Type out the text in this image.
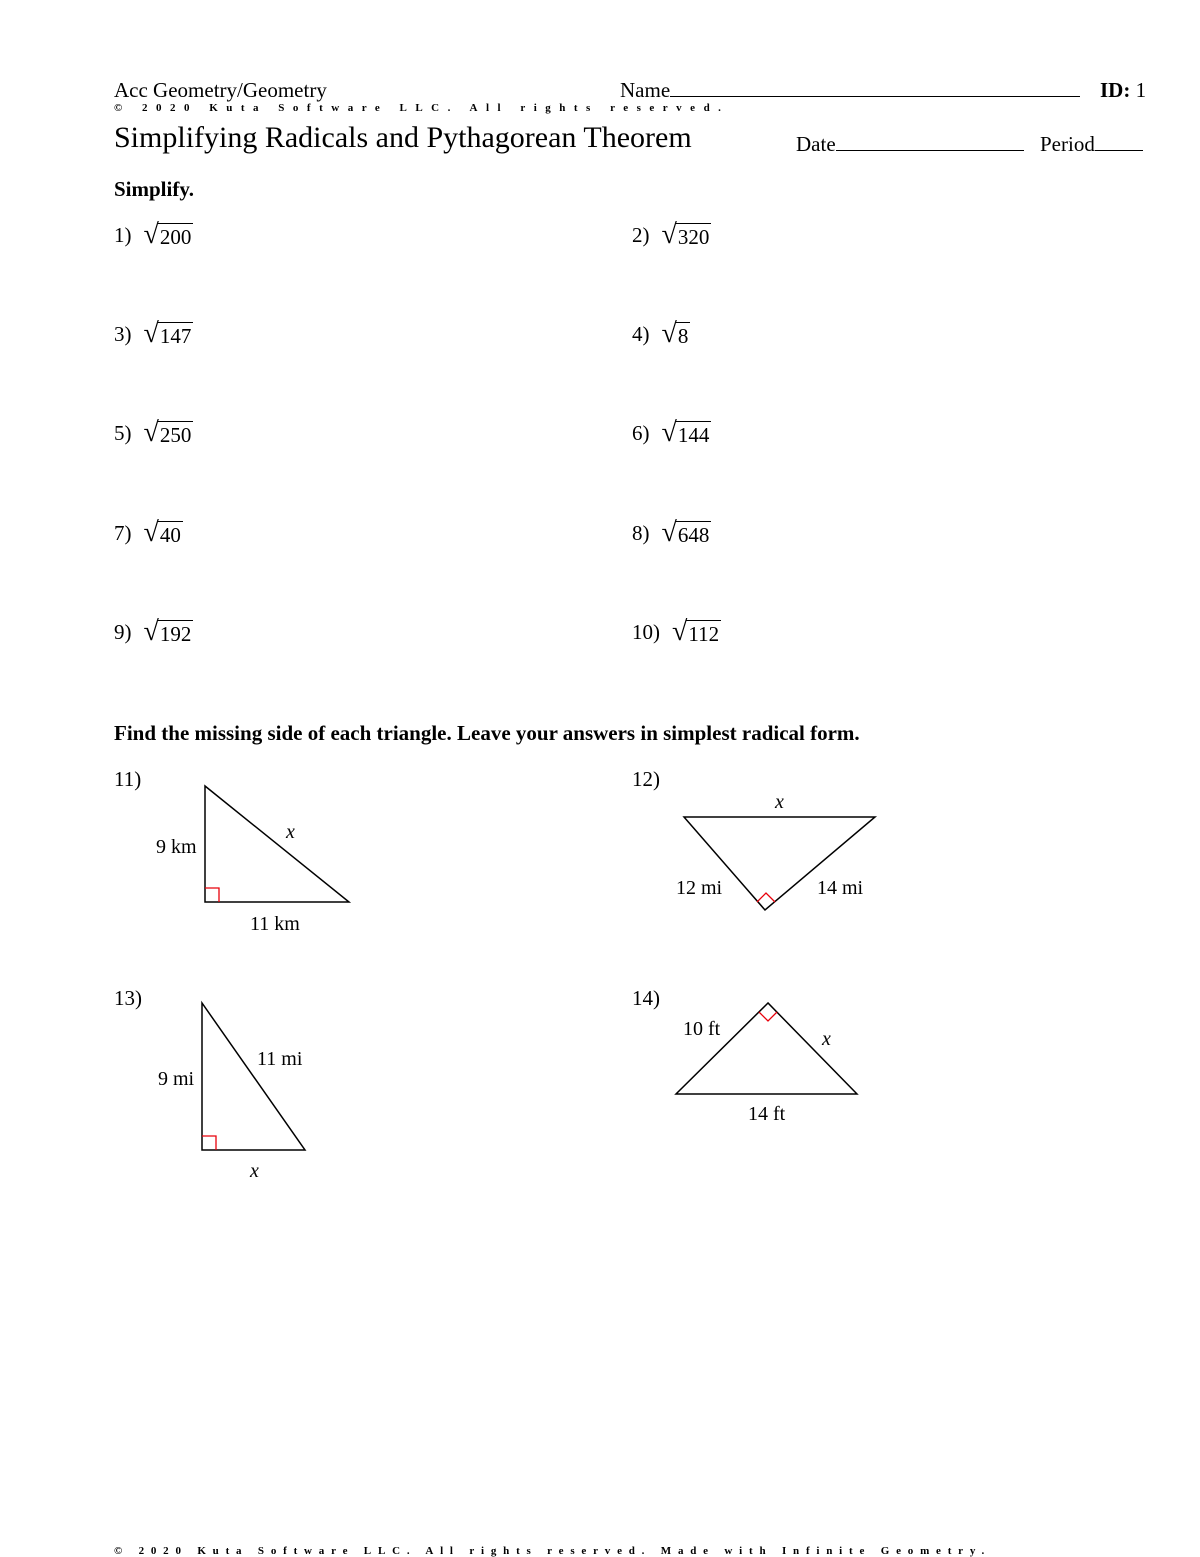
Acc Geometry/Geometry	Name	ID: 1
© 2020 Kuta Software LLC. All rights reserved.
Simplifying Radicals and Pythagorean Theorem	Date	Period
Simplify.
1) √ 200	2) √ 320
3) √ 147	4) √ 8
5) √ 250	6) √ 144
7) √ 40	8) √ 648
9) √ 192	10) √ 112
Find the missing side of each triangle. Leave your answers in simplest radical form.
11)
9 km
x
11 km
12)
x
12 mi	14 mi
13)
9 mi
11 mi
x
14)
10 ft	x
14 ft
© 2020 Kuta Software LLC. All rights reserved. Made with Infinite Geometry.
